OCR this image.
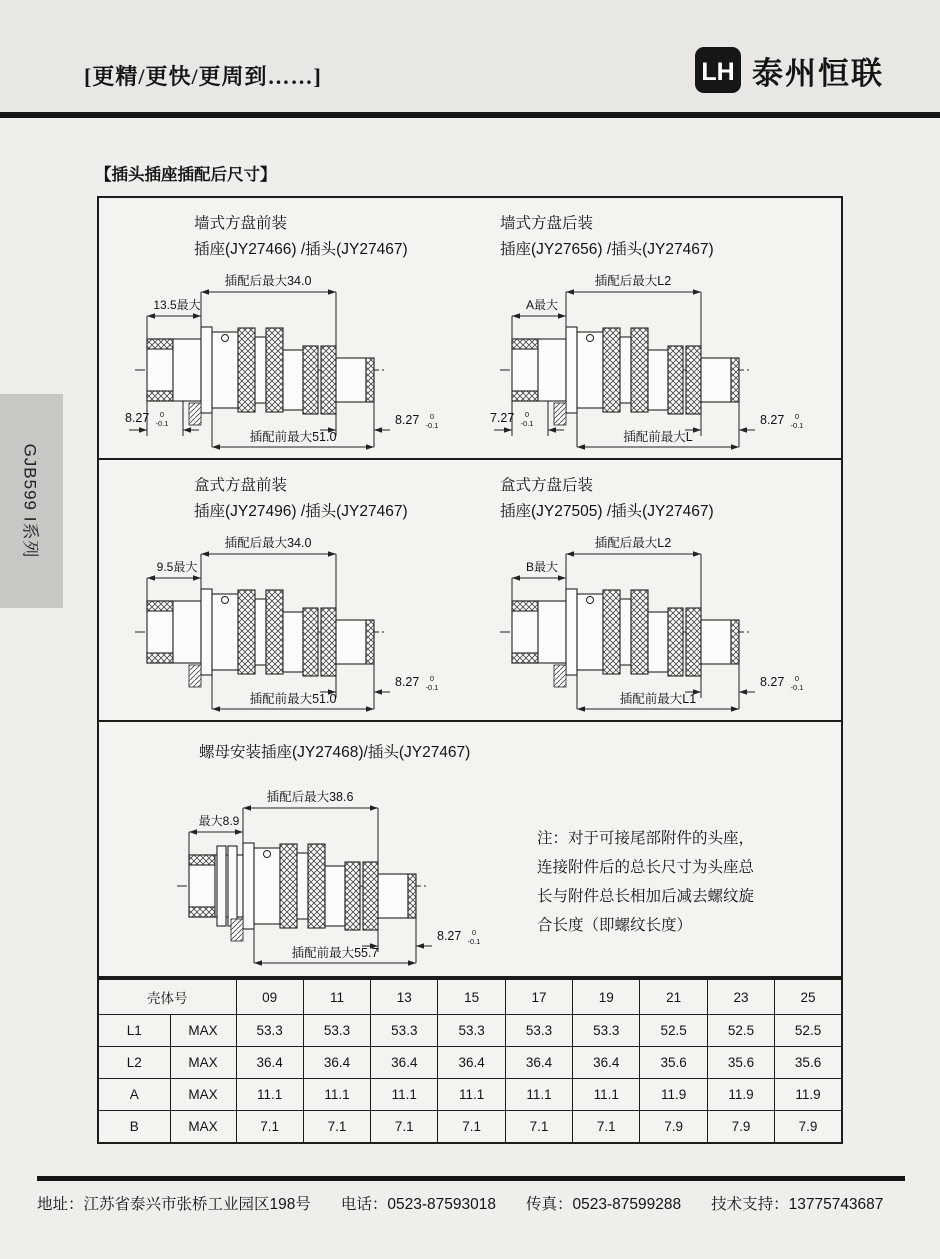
[更精/更快/更周到……]	LH 泰州恒联
GJB599 I系列
【插头插座插配后尺寸】
墙式方盘前装
插座(JY27466) /插头(JY27467)
插配后最大34.0
13.5最大
8.27 0
-0.1	8.27 0
-0.1
插配前最大51.0
墙式方盘后装
插座(JY27656) /插头(JY27467)
插配后最大L2
A最大
7.27 0
-0.1	8.27 0
-0.1
插配前最大L
盒式方盘前装
插座(JY27496) /插头(JY27467)
插配后最大34.0
9.5最大
8.27 0
-0.1
插配前最大51.0
盒式方盘后装
插座(JY27505) /插头(JY27467)
插配后最大L2
B最大
8.27 0
-0.1
插配前最大L1
螺母安装插座(JY27468)/插头(JY27467)
插配后最大38.6
最大8.9
8.27 0
-0.1
插配前最大55.7
注：对于可接尾部附件的头座，
连接附件后的总长尺寸为头座总
长与附件总长相加后减去螺纹旋
合长度（即螺纹长度）
壳体号		09	11	13	15	17	19	21	23	25
L1	MAX	53.3	53.3	53.3	53.3	53.3	53.3	52.5	52.5	52.5
L2	MAX	36.4	36.4	36.4	36.4	36.4	36.4	35.6	35.6	35.6
A	MAX	11.1	11.1	11.1	11.1	11.1	11.1	11.9	11.9	11.9
B	MAX	7.1	7.1	7.1	7.1	7.1	7.1	7.9	7.9	7.9
地址：江苏省泰兴市张桥工业园区198号 电话：0523-87593018 传真：0523-87599288 技术支持：13775743687
